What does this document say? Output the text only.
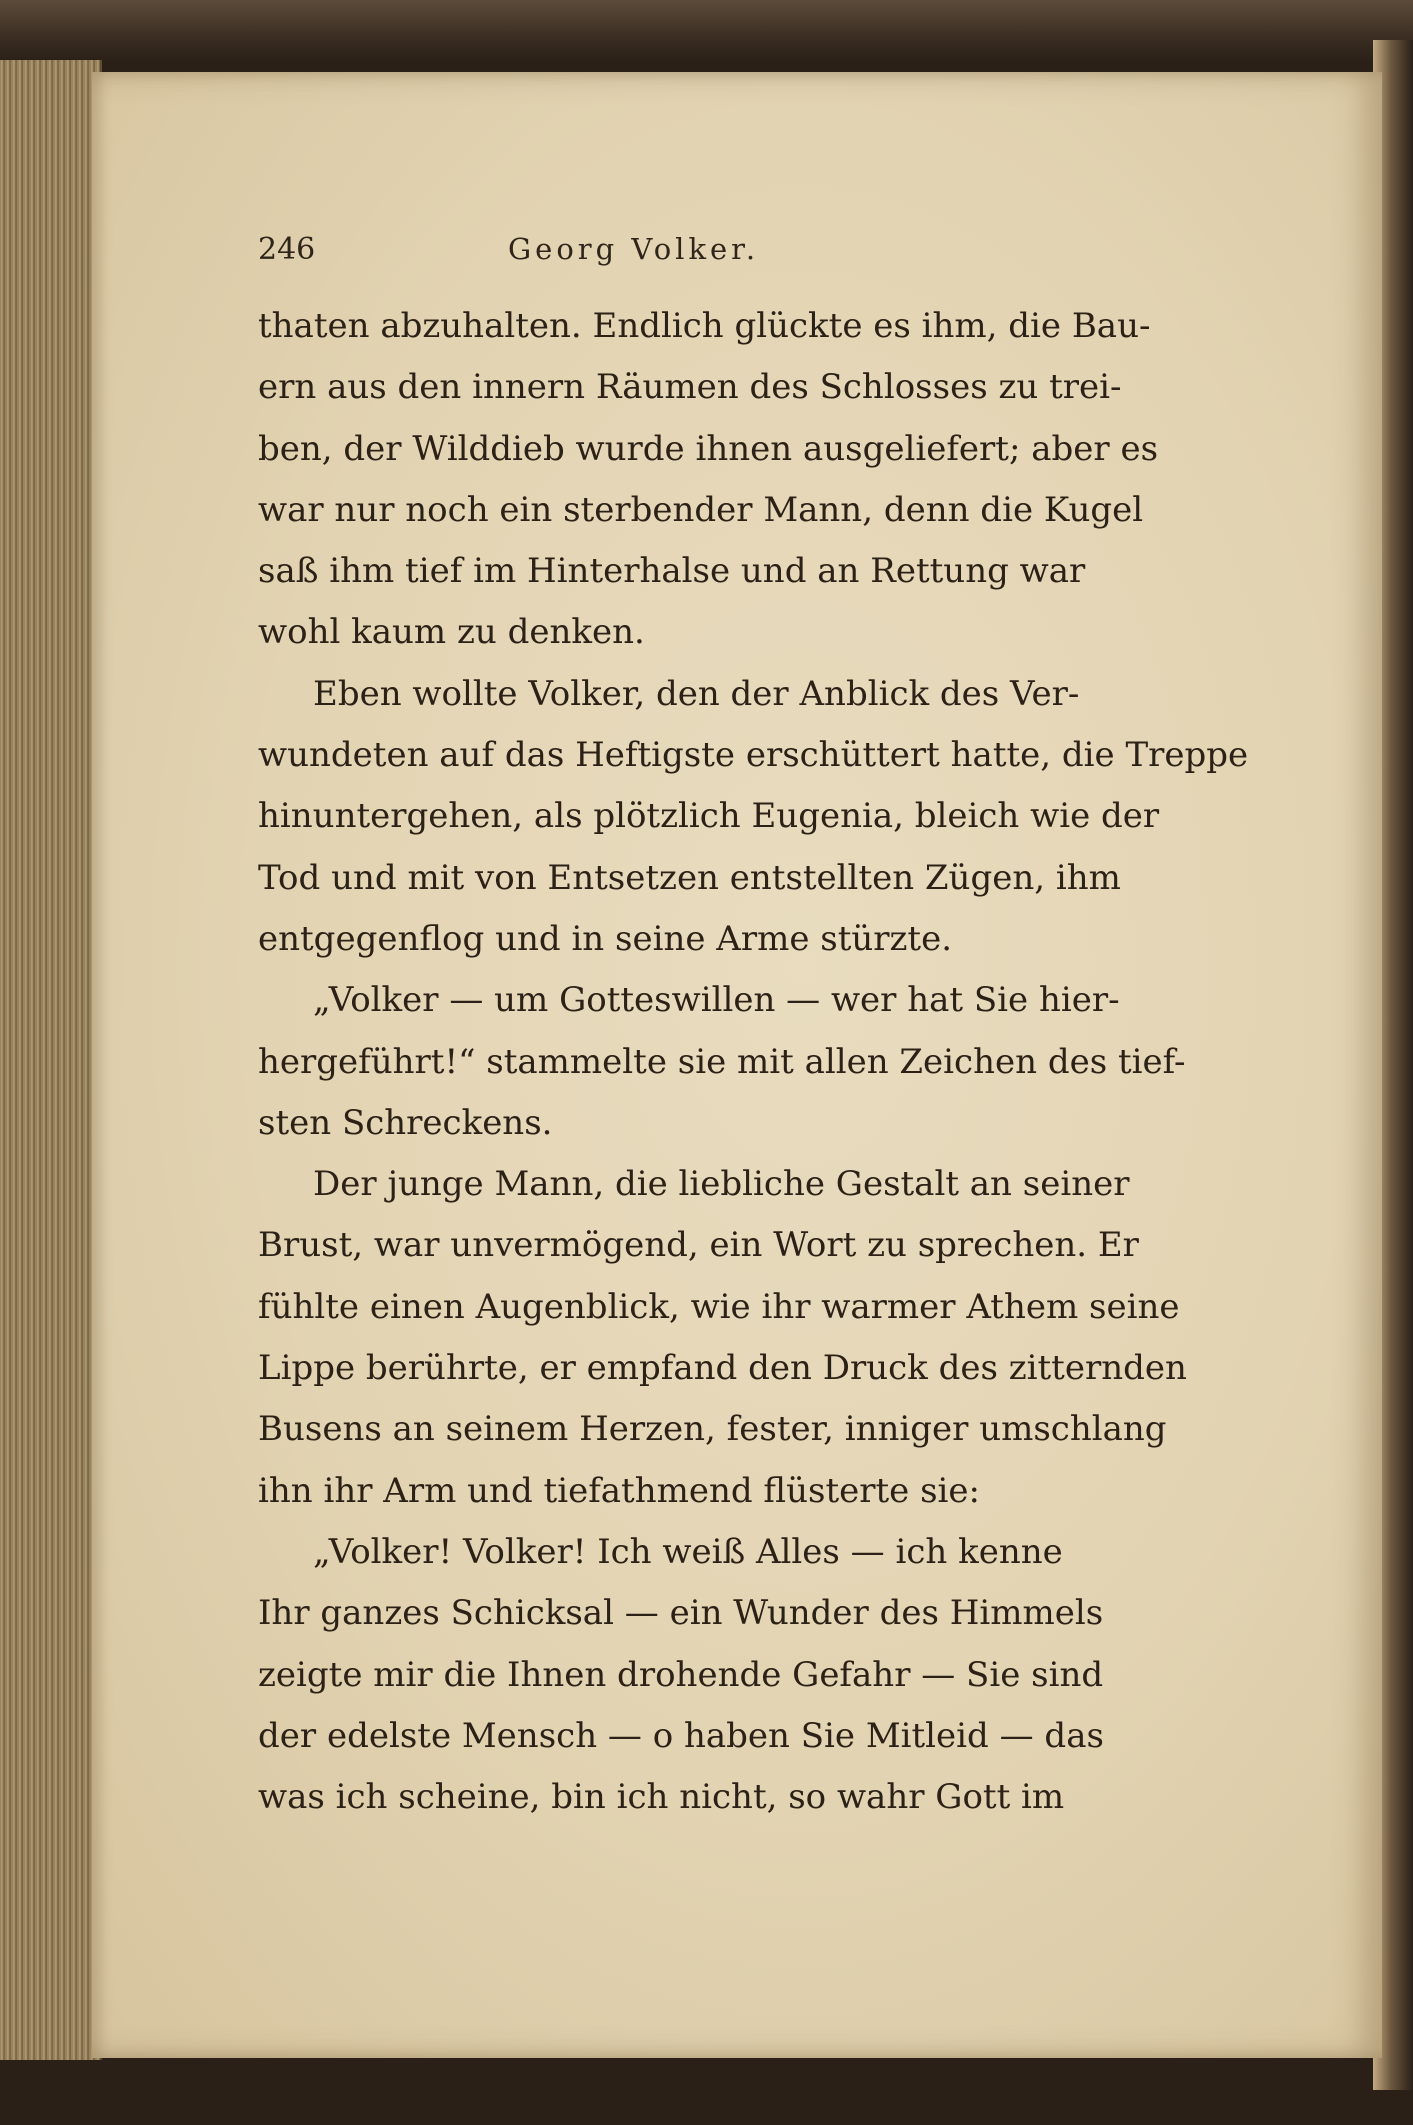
246	Georg Volker.
thaten abzuhalten. Endlich glückte es ihm, die Bau-
ern aus den innern Räumen des Schlosses zu trei-
ben, der Wilddieb wurde ihnen ausgeliefert; aber es
war nur noch ein sterbender Mann, denn die Kugel
saß ihm tief im Hinterhalse und an Rettung war
wohl kaum zu denken.
Eben wollte Volker, den der Anblick des Ver-
wundeten auf das Heftigste erschüttert hatte, die Treppe
hinuntergehen, als plötzlich Eugenia, bleich wie der
Tod und mit von Entsetzen entstellten Zügen, ihm
entgegenflog und in seine Arme stürzte.
„Volker — um Gotteswillen — wer hat Sie hier-
hergeführt!“ stammelte sie mit allen Zeichen des tief-
sten Schreckens.
Der junge Mann, die liebliche Gestalt an seiner
Brust, war unvermögend, ein Wort zu sprechen. Er
fühlte einen Augenblick, wie ihr warmer Athem seine
Lippe berührte, er empfand den Druck des zitternden
Busens an seinem Herzen, fester, inniger umschlang
ihn ihr Arm und tiefathmend flüsterte sie:
„Volker! Volker! Ich weiß Alles — ich kenne
Ihr ganzes Schicksal — ein Wunder des Himmels
zeigte mir die Ihnen drohende Gefahr — Sie sind
der edelste Mensch — o haben Sie Mitleid — das
was ich scheine, bin ich nicht, so wahr Gott im
